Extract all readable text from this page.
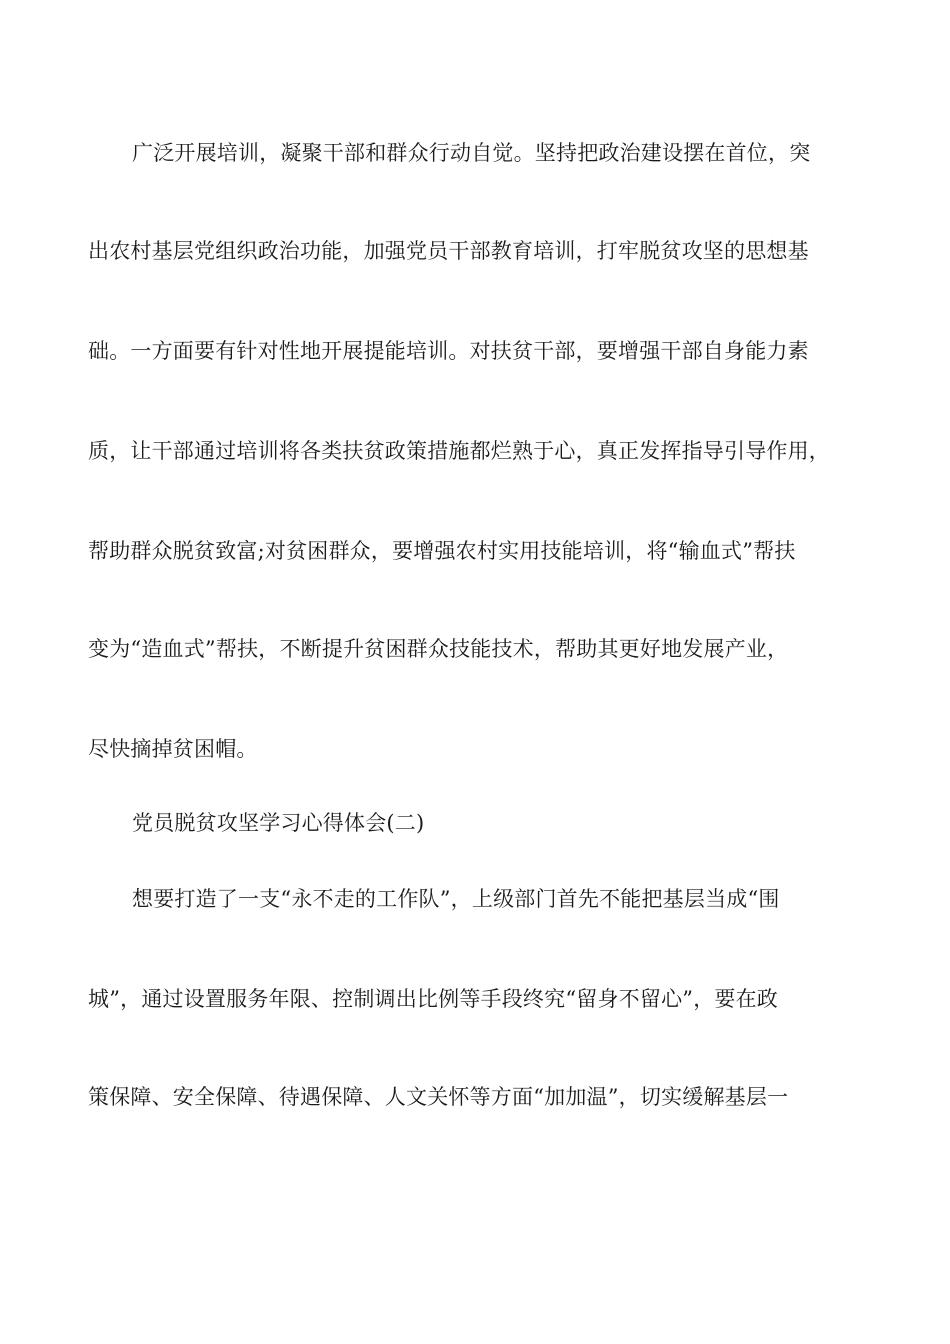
广泛开展培训，凝聚干部和群众行动自觉。坚持把政治建设摆在首位，突
出农村基层党组织政治功能，加强党员干部教育培训，打牢脱贫攻坚的思想基
础。一方面要有针对性地开展提能培训。对扶贫干部，要增强干部自身能力素
质，让干部通过培训将各类扶贫政策措施都烂熟于心，真正发挥指导引导作用，
帮助群众脱贫致富;对贫困群众，要增强农村实用技能培训，将“输血式”帮扶
变为“造血式”帮扶，不断提升贫困群众技能技术，帮助其更好地发展产业，
尽快摘掉贫困帽。
党员脱贫攻坚学习心得体会(二)
想要打造了一支“永不走的工作队”，上级部门首先不能把基层当成“围
城”，通过设置服务年限、控制调出比例等手段终究“留身不留心”，要在政
策保障、安全保障、待遇保障、人文关怀等方面“加加温”，切实缓解基层一
